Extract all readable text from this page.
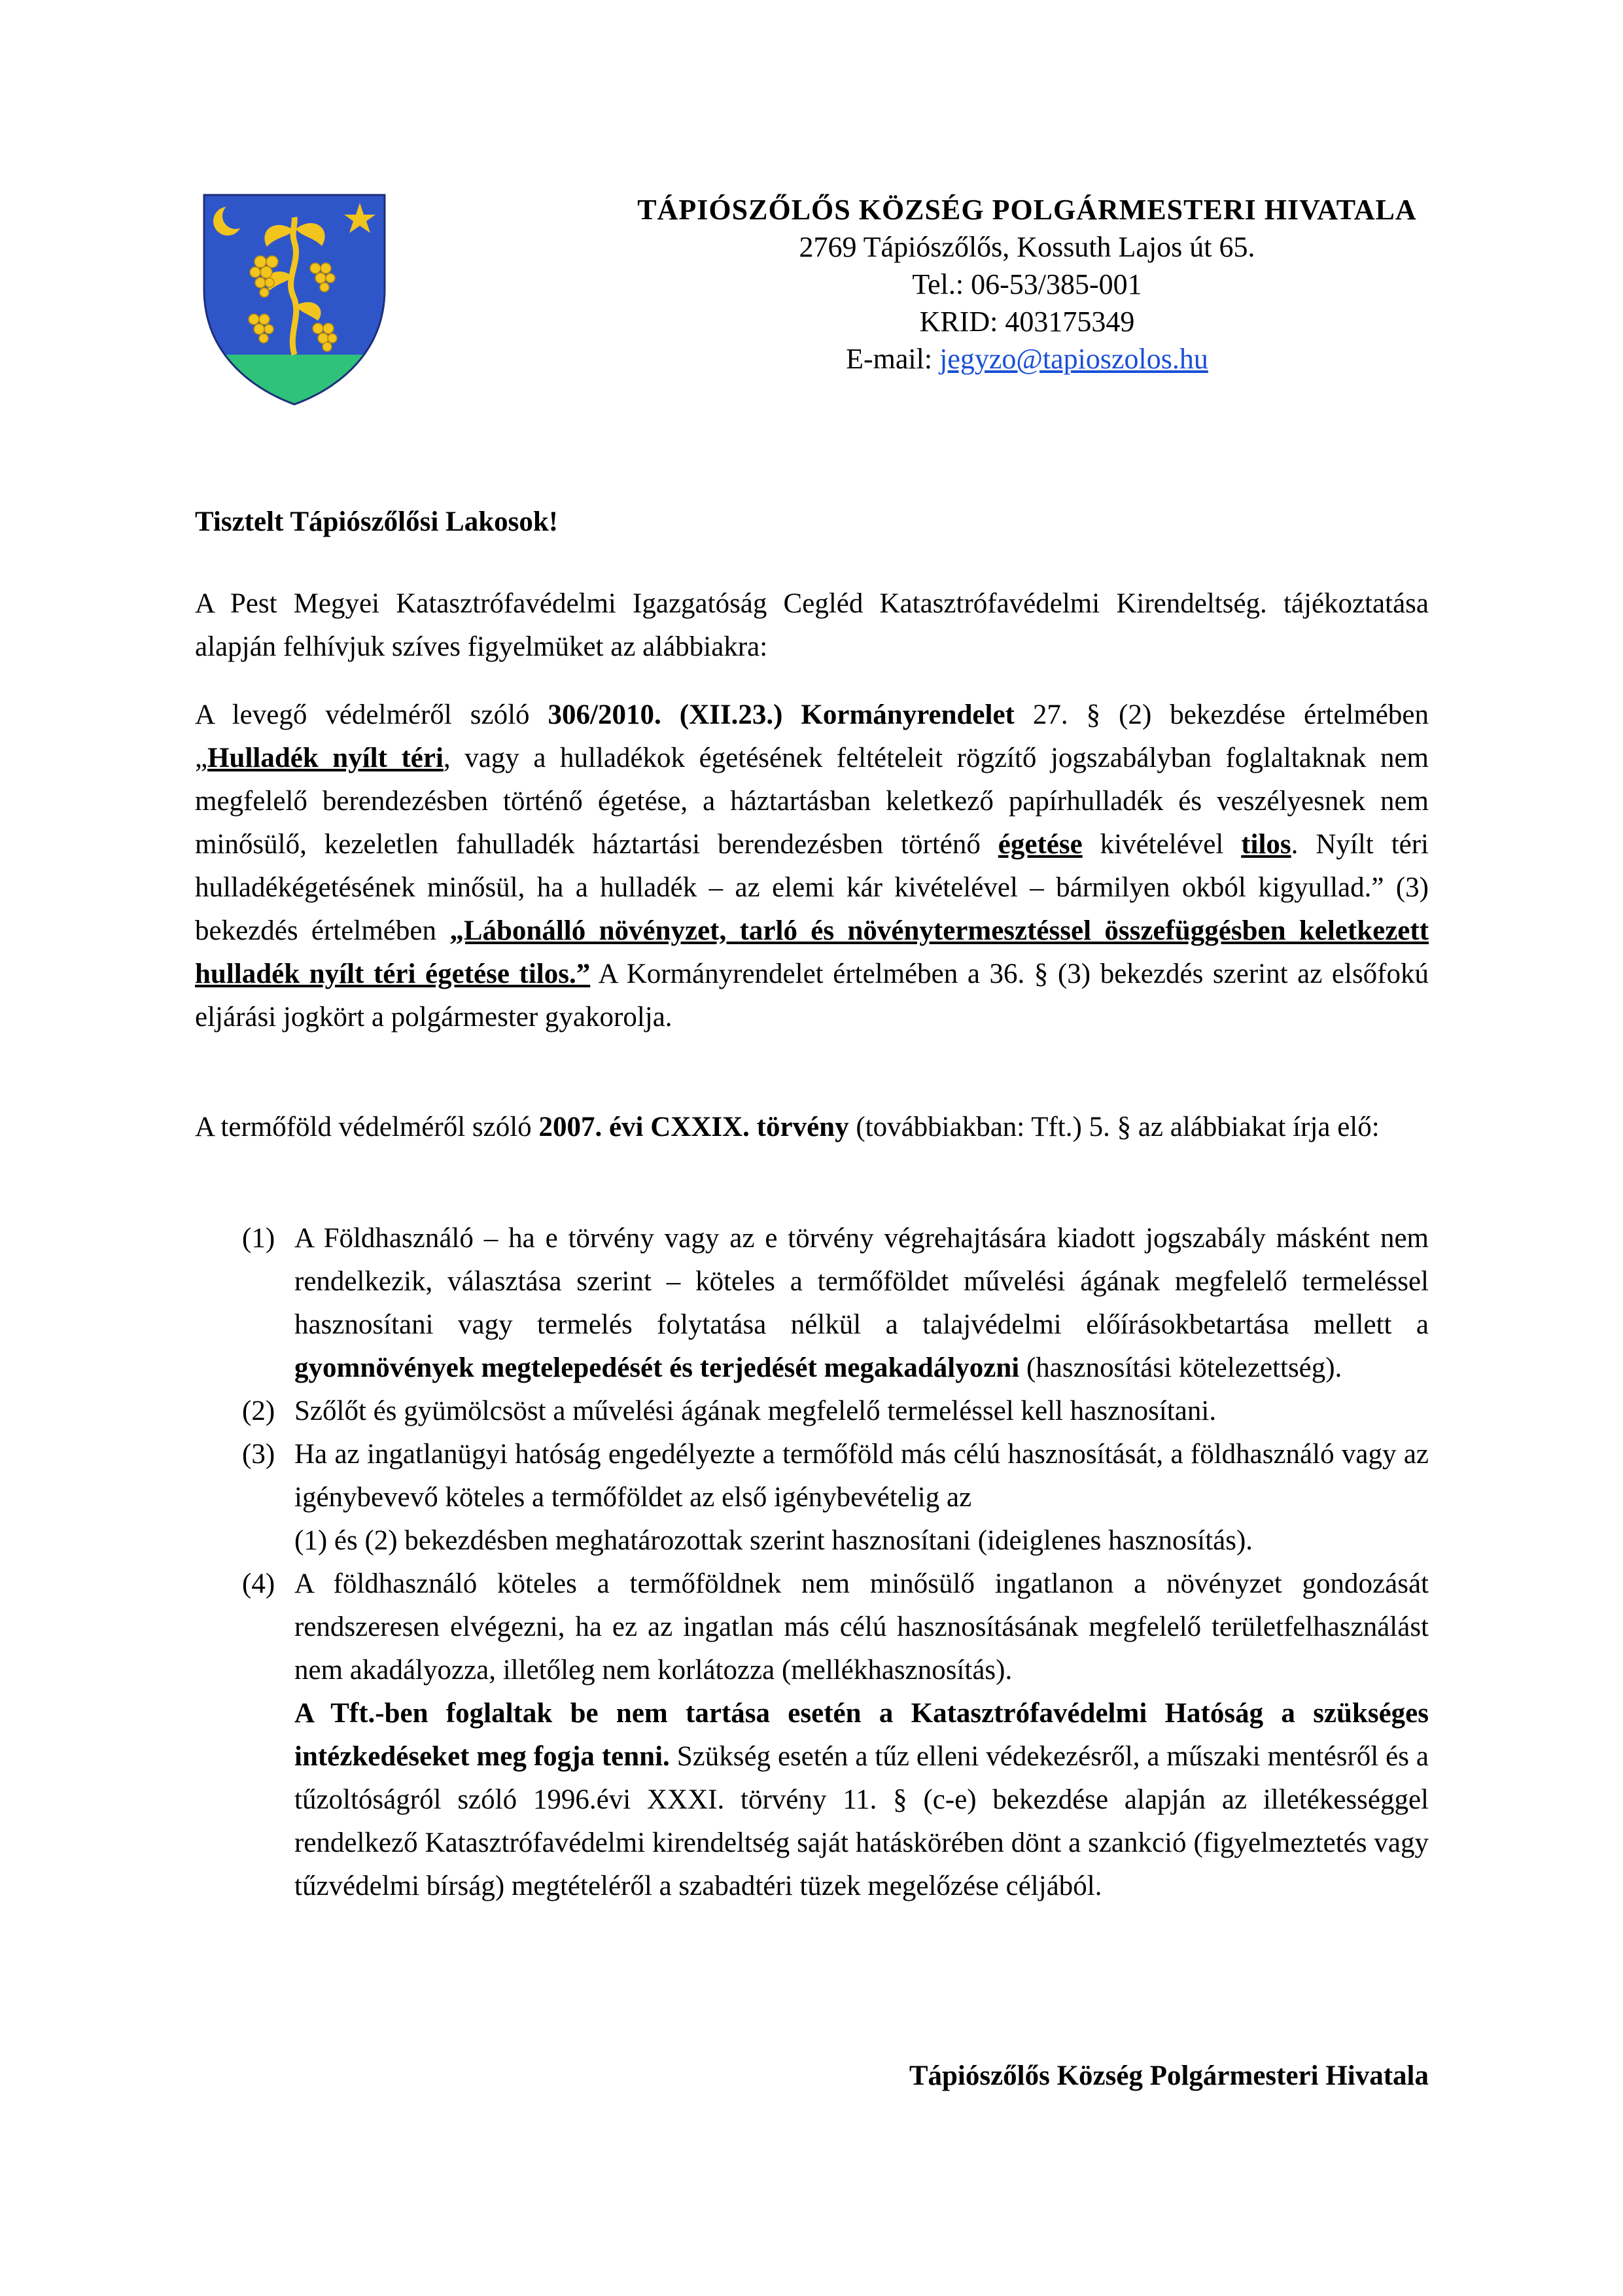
TÁPIÓSZŐLŐS KÖZSÉG POLGÁRMESTERI HIVATALA
2769 Tápiószőlős, Kossuth Lajos út 65.
Tel.: 06-53/385-001
KRID: 403175349
E-mail: jegyzo@tapioszolos.hu
Tisztelt Tápiószőlősi Lakosok!

A Pest Megyei Katasztrófavédelmi Igazgatóság Cegléd Katasztrófavédelmi Kirendeltség. tájékoztatása alapján felhívjuk szíves figyelmüket az alábbiakra:

A levegő védelméről szóló 306/2010. (XII.23.) Kormányrendelet 27. § (2) bekezdése értelmében „Hulladék nyílt téri, vagy a hulladékok égetésének feltételeit rögzítő jogszabályban foglaltaknak nem megfelelő berendezésben történő égetése, a háztartásban keletkező papírhulladék és veszélyesnek nem minősülő, kezeletlen fahulladék háztartási berendezésben történő égetése kivételével tilos. Nyílt téri hulladékégetésének minősül, ha a hulladék – az elemi kár kivételével – bármilyen okból kigyullad.” (3) bekezdés értelmében „Lábonálló növényzet, tarló és növénytermesztéssel összefüggésben keletkezett hulladék nyílt téri égetése tilos.” A Kormányrendelet értelmében a 36. § (3) bekezdés szerint az elsőfokú eljárási jogkört a polgármester gyakorolja.

A termőföld védelméről szóló 2007. évi CXXIX. törvény (továbbiakban: Tft.) 5. § az alábbiakat írja elő:

(1) A Földhasználó – ha e törvény vagy az e törvény végrehajtására kiadott jogszabály másként nem rendelkezik, választása szerint – köteles a termőföldet művelési ágának megfelelő termeléssel hasznosítani vagy termelés folytatása nélkül a talajvédelmi előírásokbetartása mellett a gyomnövények megtelepedését és terjedését megakadályozni (hasznosítási kötelezettség).
(2) Szőlőt és gyümölcsöst a művelési ágának megfelelő termeléssel kell hasznosítani.
(3) Ha az ingatlanügyi hatóság engedélyezte a termőföld más célú hasznosítását, a földhasználó vagy az igénybevevő köteles a termőföldet az első igénybevételig az
(1) és (2) bekezdésben meghatározottak szerint hasznosítani (ideiglenes hasznosítás).
(4) A földhasználó köteles a termőföldnek nem minősülő ingatlanon a növényzet gondozását rendszeresen elvégezni, ha ez az ingatlan más célú hasznosításának megfelelő területfelhasználást nem akadályozza, illetőleg nem korlátozza (mellékhasznosítás).
A Tft.-ben foglaltak be nem tartása esetén a Katasztrófavédelmi Hatóság a szükséges intézkedéseket meg fogja tenni. Szükség esetén a tűz elleni védekezésről, a műszaki mentésről és a tűzoltóságról szóló 1996.évi XXXI. törvény 11. § (c-e) bekezdése alapján az illetékességgel rendelkező Katasztrófavédelmi kirendeltség saját hatáskörében dönt a szankció (figyelmeztetés vagy tűzvédelmi bírság) megtételéről a szabadtéri tüzek megelőzése céljából.
Tápiószőlős Község Polgármesteri Hivatala
